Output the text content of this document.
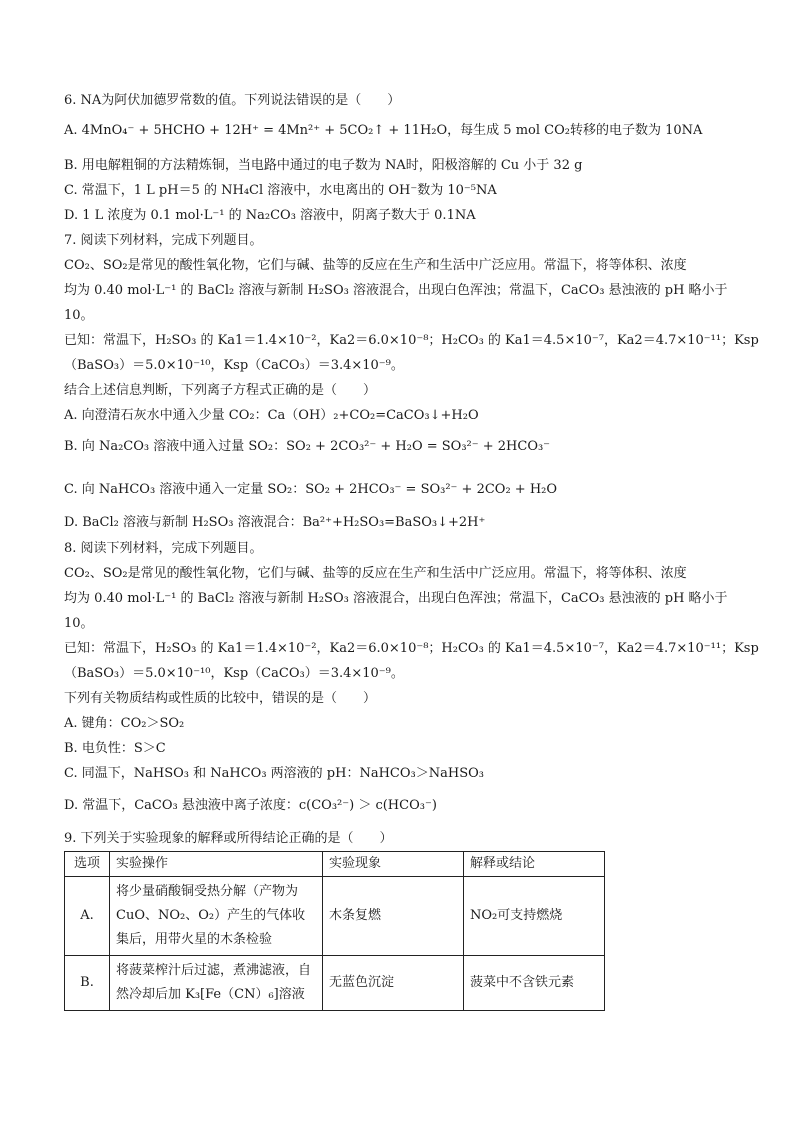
6. NA为阿伏加德罗常数的值。下列说法错误的是（　　）
A. 4MnO₄⁻ + 5HCHO + 12H⁺ = 4Mn²⁺ + 5CO₂↑ + 11H₂O，每生成 5 mol CO₂转移的电子数为 10NA
B. 用电解粗铜的方法精炼铜，当电路中通过的电子数为 NA时，阳极溶解的 Cu 小于 32 g
C. 常温下，1 L pH＝5 的 NH₄Cl 溶液中，水电离出的 OH⁻数为 10⁻⁵NA
D. 1 L 浓度为 0.1 mol·L⁻¹ 的 Na₂CO₃ 溶液中，阴离子数大于 0.1NA
7. 阅读下列材料，完成下列题目。
CO₂、SO₂是常见的酸性氧化物，它们与碱、盐等的反应在生产和生活中广泛应用。常温下，将等体积、浓度
均为 0.40 mol·L⁻¹ 的 BaCl₂ 溶液与新制 H₂SO₃ 溶液混合，出现白色浑浊；常温下，CaCO₃ 悬浊液的 pH 略小于
10。
已知：常温下，H₂SO₃ 的 Ka1＝1.4×10⁻²，Ka2＝6.0×10⁻⁸；H₂CO₃ 的 Ka1＝4.5×10⁻⁷，Ka2＝4.7×10⁻¹¹；Ksp
（BaSO₃）＝5.0×10⁻¹⁰，Ksp（CaCO₃）＝3.4×10⁻⁹。
结合上述信息判断，下列离子方程式正确的是（　　）
A. 向澄清石灰水中通入少量 CO₂：Ca（OH）₂+CO₂=CaCO₃↓+H₂O
B. 向 Na₂CO₃ 溶液中通入过量 SO₂：SO₂ + 2CO₃²⁻ + H₂O = SO₃²⁻ + 2HCO₃⁻
C. 向 NaHCO₃ 溶液中通入一定量 SO₂：SO₂ + 2HCO₃⁻ = SO₃²⁻ + 2CO₂ + H₂O
D. BaCl₂ 溶液与新制 H₂SO₃ 溶液混合：Ba²⁺+H₂SO₃=BaSO₃↓+2H⁺
8. 阅读下列材料，完成下列题目。
CO₂、SO₂是常见的酸性氧化物，它们与碱、盐等的反应在生产和生活中广泛应用。常温下，将等体积、浓度
均为 0.40 mol·L⁻¹ 的 BaCl₂ 溶液与新制 H₂SO₃ 溶液混合，出现白色浑浊；常温下，CaCO₃ 悬浊液的 pH 略小于
10。
已知：常温下，H₂SO₃ 的 Ka1＝1.4×10⁻²，Ka2＝6.0×10⁻⁸；H₂CO₃ 的 Ka1＝4.5×10⁻⁷，Ka2＝4.7×10⁻¹¹；Ksp
（BaSO₃）＝5.0×10⁻¹⁰，Ksp（CaCO₃）＝3.4×10⁻⁹。
下列有关物质结构或性质的比较中，错误的是（　　）
A. 键角：CO₂＞SO₂
B. 电负性：S＞C
C. 同温下，NaHSO₃ 和 NaHCO₃ 两溶液的 pH：NaHCO₃＞NaHSO₃
D. 常温下，CaCO₃ 悬浊液中离子浓度：c(CO₃²⁻) ＞ c(HCO₃⁻)
9. 下列关于实验现象的解释或所得结论正确的是（　　）
选项	实验操作	实验现象	解释或结论
A.	将少量硝酸铜受热分解（产物为CuO、NO₂、O₂）产生的气体收集后，用带火星的木条检验	木条复燃	NO₂可支持燃烧
B.	将菠菜榨汁后过滤，煮沸滤液，自然冷却后加 K₃[Fe（CN）₆]溶液	无蓝色沉淀	菠菜中不含铁元素
